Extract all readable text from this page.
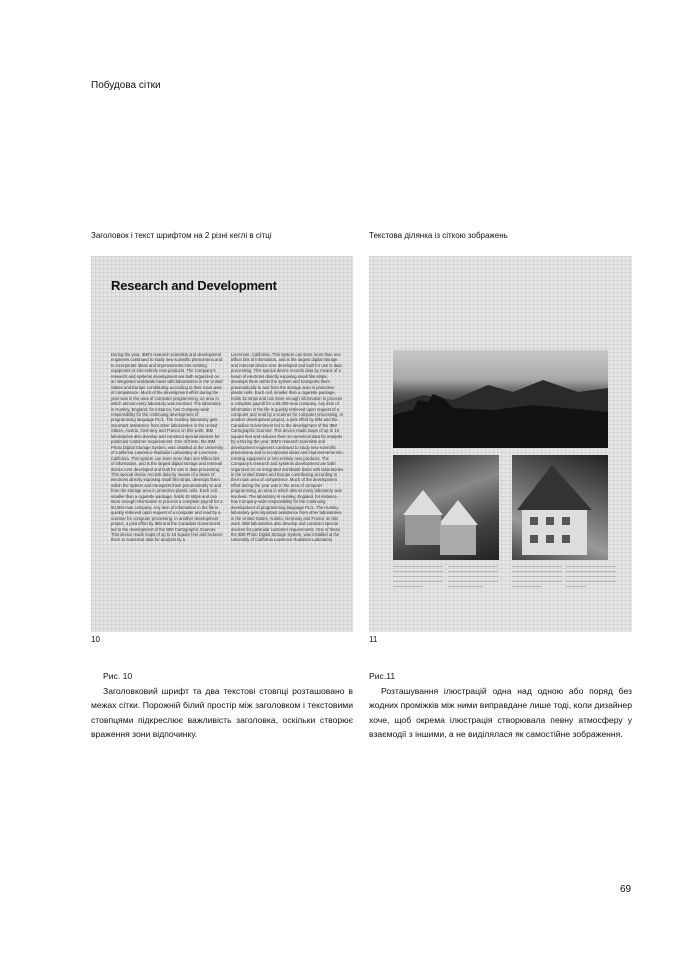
Побудова сітки
Заголовок і текст шрифтом на 2 різні кеглі в сітці	Текстова ділянка із сіткою зображень
Research and Development
During the year, IBM's research scientists and development engineers continued to study new scientific phenomena and to incorporate ideas and improvements into existing equipment or into entirely new products. The Company's research and systems development are both organized on an integrated worldwide basis with laboratories in the United States and Europe contributing according to their main area of competence. Much of the development effort during the year was in the area of computer programming, an area in which almost every laboratory was involved. The laboratory in Hursley, England, for instance, has Company-wide responsibility for the continuing development of programming language PL/1. The Hursley laboratory gets important assistance from other laboratories in the United States, Austria, Germany and France on this work. IBM laboratories also develop and construct special devices for particular customer requirements. One of these, the IBM Photo Digital Storage System, was installed at the University of California Lawrence Radiation Laboratory at Livermore, California. This system can store more than one trillion bits of information, and is the largest digital storage and retrieval device ever developed and built for use in data processing. This special device records data by means of a beam of electrons directly exposing small film strips, develops them within the system and transports them pneumatically to and from the storage area in protective plastic cells. Each cell, smaller than a cigarette package, holds 32 strips and can store enough information to process a complete payroll for a 50,000-man company. Any item of information in the file is quickly retrieved upon request of a computer and read by a scanner for computer processing. In another development project, a joint effort by IBM and the Canadian Government led to the development of the IBM Cartographic Scanner. This device reads maps of up to 16 square feet and reduces them to numerical data for analysis by a
Livermore, California. This system can store more than one trillion bits of information, and is the largest digital storage and retrieval device ever developed and built for use in data processing. This special device records data by means of a beam of electrons directly exposing small film strips, develops them within the system and transports them pneumatically to and from the storage area in protective plastic cells. Each cell, smaller than a cigarette package, holds 32 strips and can store enough information to process a complete payroll for a 50,000-man company. Any item of information in the file is quickly retrieved upon request of a computer and read by a scanner for computer processing. In another development project, a joint effort by IBM and the Canadian Government led to the development of the IBM Cartographic Scanner. This device reads maps of up to 16 square feet and reduces them to numerical data for analysis by a During the year, IBM's research scientists and development engineers continued to study new scientific phenomena and to incorporate ideas and improvements into existing equipment or into entirely new products. The Company's research and systems development are both organized on an integrated worldwide basis with laboratories in the United States and Europe contributing according to their main area of competence. Much of the development effort during the year was in the area of computer programming, an area in which almost every laboratory was involved. The laboratory in Hursley, England, for instance, has Company-wide responsibility for the continuing development of programming language PL/1. The Hursley laboratory gets important assistance from other laboratories in the United States, Austria, Germany and France on this work. IBM laboratories also develop and construct special devices for particular customer requirements. One of these, the IBM Photo Digital Storage System, was installed at the University of California Lawrence Radiation Laboratory
10	11
Рис. 10

Заголовковий шрифт та два текстові стовпці розташовано в межах сітки. Порожній білий простір між заголовком і текстовими стовпцями підкреслює важливість заголовка, оскільки створює враження зони відпочинку.

Рис.11

Розташування ілюстрацій одна над одною або поряд без жодних проміжків між ними виправдане лише тоді, коли дизайнер хоче, щоб окрема ілюстрація створювала певну атмосферу у взаємодії з іншими, а не виділялася як самостійне зображення.

69
